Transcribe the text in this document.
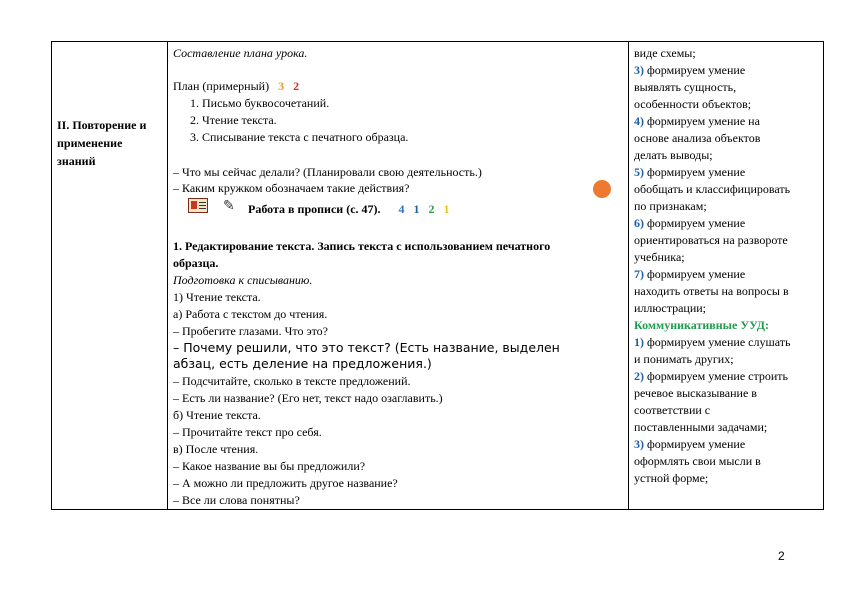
II. Повторение и
применение
знаний
Составление плана урока.
План (примерный) 3 2
1. Письмо буквосочетаний.
2. Чтение текста.
3. Списывание текста с печатного образца.
– Что мы сейчас делали? (Планировали свою деятельность.)
– Каким кружком обозначаем такие действия?
✎ Работа в прописи (с. 47). 4 1 2 1
1. Редактирование текста. Запись текста с использованием печатного
образца.
Подготовка к списыванию.
1) Чтение текста.
а) Работа с текстом до чтения.
– Пробегите глазами. Что это?
– Почему решили, что это текст? (Есть название, выделен
абзац, есть деление на предложения.)
– Подсчитайте, сколько в тексте предложений.
– Есть ли название? (Его нет, текст надо озаглавить.)
б) Чтение текста.
– Прочитайте текст про себя.
в) После чтения.
– Какое название вы бы предложили?
– А можно ли предложить другое название?
– Все ли слова понятны?
виде схемы;
3) формируем умение
выявлять сущность,
особенности объектов;
4) формируем умение на
основе анализа объектов
делать выводы;
5) формируем умение
обобщать и классифицировать
по признакам;
6) формируем умение
ориентироваться на развороте
учебника;
7) формируем умение
находить ответы на вопросы в
иллюстрации;
Коммуникативные УУД:
1) формируем умение слушать
и понимать других;
2) формируем умение строить
речевое высказывание в
соответствии с
поставленными задачами;
3) формируем умение
оформлять свои мысли в
устной форме;
2
